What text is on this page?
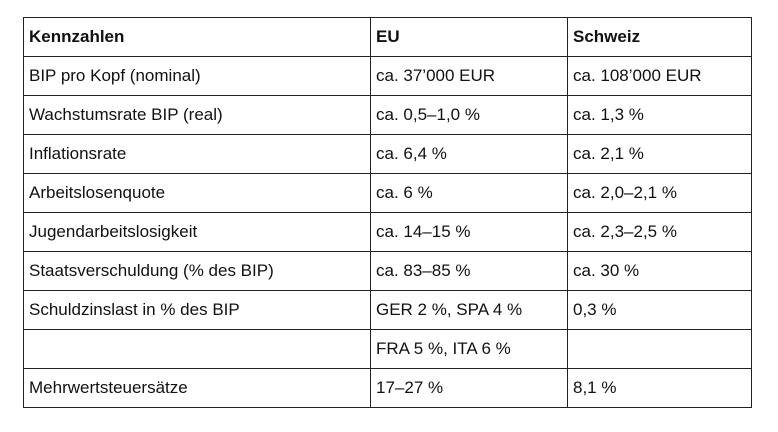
Kennzahlen	EU	Schweiz
BIP pro Kopf (nominal)	ca. 37’000 EUR	ca. 108’000 EUR
Wachstumsrate BIP (real)	ca. 0,5–1,0 %	ca. 1,3 %
Inflationsrate	ca. 6,4 %	ca. 2,1 %
Arbeitslosenquote	ca. 6 %	ca. 2,0–2,1 %
Jugendarbeitslosigkeit	ca. 14–15 %	ca. 2,3–2,5 %
Staatsverschuldung (% des BIP)	ca. 83–85 %	ca. 30 %
Schuldzinslast in % des BIP	GER 2 %, SPA 4 %	0,3 %
	FRA 5 %, ITA 6 %	
Mehrwertsteuersätze	17–27 %	8,1 %
